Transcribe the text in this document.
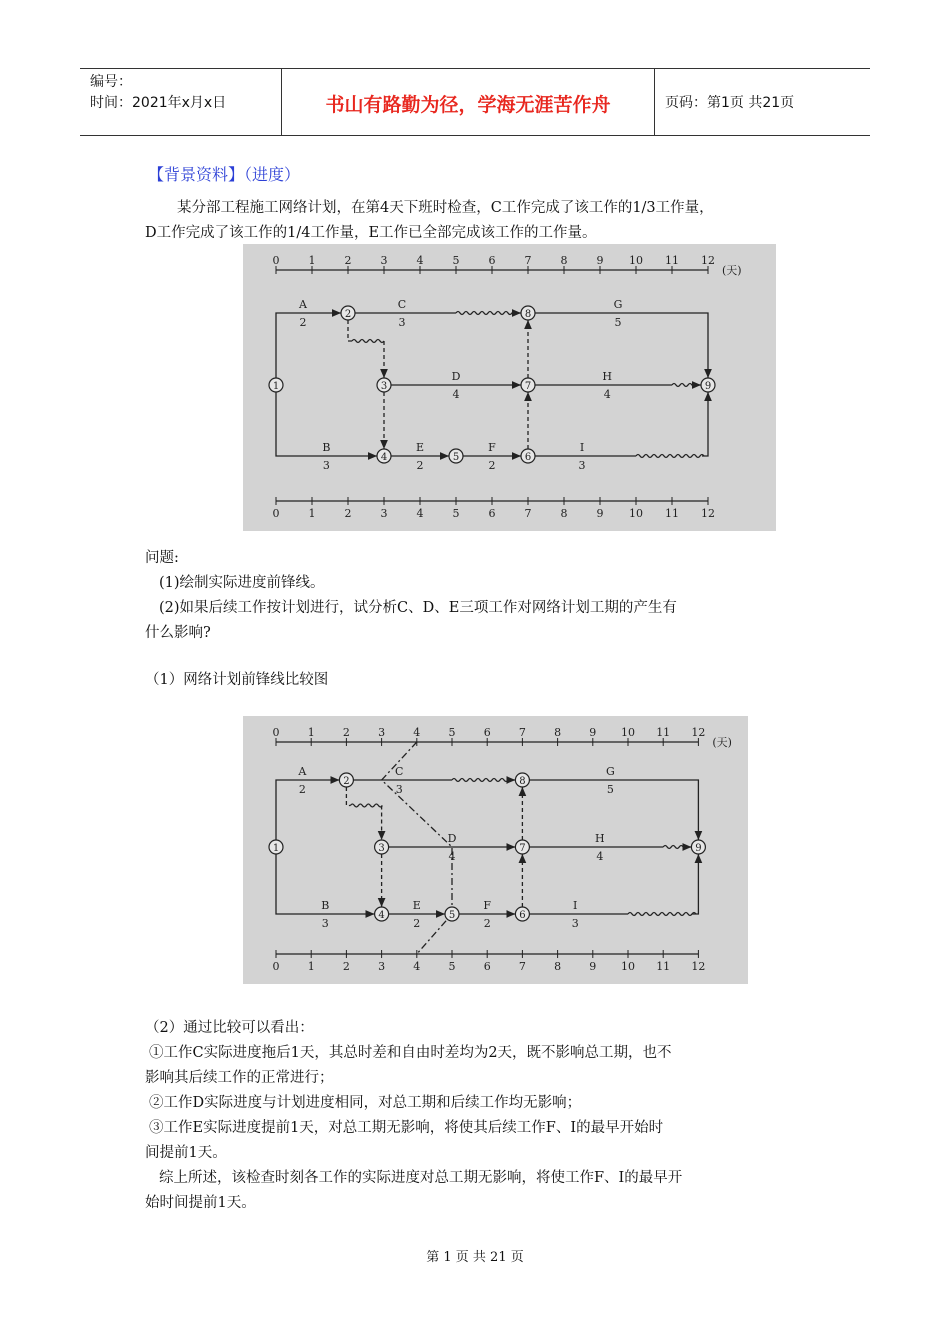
编号：
时间：2021年x月x日	书山有路勤为径，学海无涯苦作舟	页码：第1页 共21页
【背景资料】（进度）
某分部工程施工网络计划，在第4天下班时检查，C工作完成了该工作的1/3工作量，
D工作完成了该工作的1/4工作量，E工作已全部完成该工作的工作量。
0	1	2	3	4	5	6	7	8	9 10 11 12
0	1	2	3	4	5	6	7	8	9 10 11 12
(天)
A
2
B
3
C
3
G
5
D
4
H
4
E
2
F
2
I
3
1
2
3
4	5	6
7
8
9
问题:
(1)绘制实际进度前锋线。
(2)如果后续工作按计划进行，试分析C、D、E三项工作对网络计划工期的产生有
什么影响?
（1）网络计划前锋线比较图
0	1	2	3	4	5	6	7	8	9 10 11 12
0	1	2	3	4	5	6	7	8	9 10 11 12
(天)
A
2
B
3
C
3
G
5
D
4
H
4
E
2
F
2
I
3
1
2
3
4	5	6
7
8
9
（2）通过比较可以看出：
①工作C实际进度拖后1天，其总时差和自由时差均为2天，既不影响总工期，也不
影响其后续工作的正常进行；
②工作D实际进度与计划进度相同，对总工期和后续工作均无影响；
③工作E实际进度提前1天，对总工期无影响，将使其后续工作F、I的最早开始时
间提前1天。
综上所述，该检查时刻各工作的实际进度对总工期无影响，将使工作F、I的最早开
始时间提前1天。
第 1 页 共 21 页
